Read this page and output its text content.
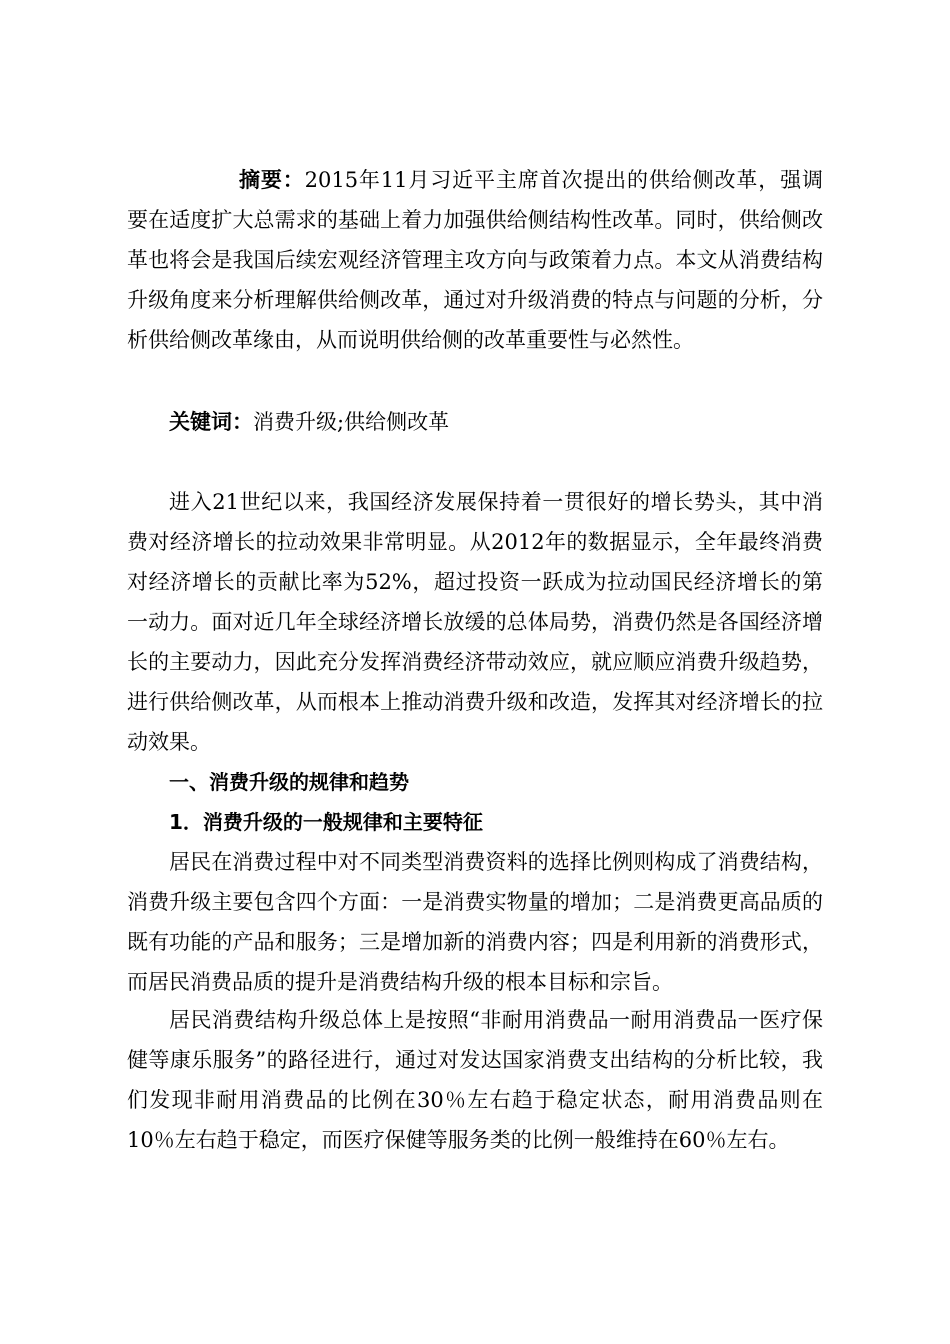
摘要：2015年11月习近平主席首次提出的供给侧改革，强调要在适度扩大总需求的基础上着力加强供给侧结构性改革。同时，供给侧改革也将会是我国后续宏观经济管理主攻方向与政策着力点。本文从消费结构升级角度来分析理解供给侧改革，通过对升级消费的特点与问题的分析，分析供给侧改革缘由，从而说明供给侧的改革重要性与必然性。

关键词：消费升级;供给侧改革

进入21世纪以来，我国经济发展保持着一贯很好的增长势头，其中消费对经济增长的拉动效果非常明显。从2012年的数据显示，全年最终消费对经济增长的贡献比率为52%，超过投资一跃成为拉动国民经济增长的第一动力。面对近几年全球经济增长放缓的总体局势，消费仍然是各国经济增长的主要动力，因此充分发挥消费经济带动效应，就应顺应消费升级趋势，进行供给侧改革，从而根本上推动消费升级和改造，发挥其对经济增长的拉动效果。

一、消费升级的规律和趋势

1．消费升级的一般规律和主要特征

居民在消费过程中对不同类型消费资料的选择比例则构成了消费结构，消费升级主要包含四个方面：一是消费实物量的增加；二是消费更高品质的既有功能的产品和服务；三是增加新的消费内容；四是利用新的消费形式，而居民消费品质的提升是消费结构升级的根本目标和宗旨。

居民消费结构升级总体上是按照“非耐用消费品一耐用消费品一医疗保健等康乐服务”的路径进行，通过对发达国家消费支出结构的分析比较，我们发现非耐用消费品的比例在30％左右趋于稳定状态，耐用消费品则在10％左右趋于稳定，而医疗保健等服务类的比例一般维持在60％左右。
